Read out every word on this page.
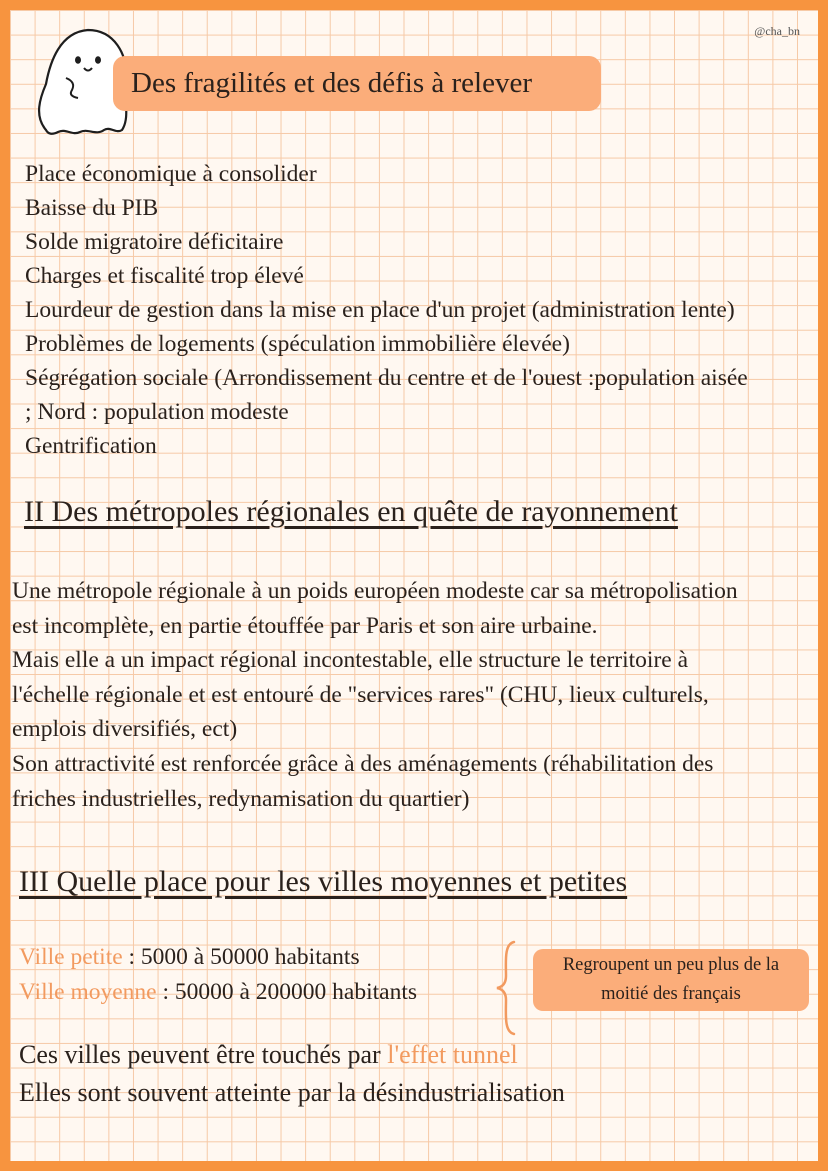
@cha_bn
Des fragilités et des défis à relever
Place économique à consolider
Baisse du PIB
Solde migratoire déficitaire
Charges et fiscalité trop élevé
Lourdeur de gestion dans la mise en place d'un projet (administration lente)
Problèmes de logements (spéculation immobilière élevée)
Ségrégation sociale (Arrondissement du centre et de l'ouest :population aisée
; Nord : population modeste
Gentrification
II Des métropoles régionales en quête de rayonnement
Une métropole régionale à un poids européen modeste car sa métropolisation
est incomplète, en partie étouffée par Paris et son aire urbaine.
Mais elle a un impact régional incontestable, elle structure le territoire à
l'échelle régionale et est entouré de "services rares" (CHU, lieux culturels,
emplois diversifiés, ect)
Son attractivité est renforcée grâce à des aménagements (réhabilitation des
friches industrielles, redynamisation du quartier)
III Quelle place pour les villes moyennes et petites
Ville petite : 5000 à 50000 habitants
Ville moyenne : 50000 à 200000 habitants
Regroupent un peu plus de la
moitié des français
Ces villes peuvent être touchés par l'effet tunnel
Elles sont souvent atteinte par la désindustrialisation
